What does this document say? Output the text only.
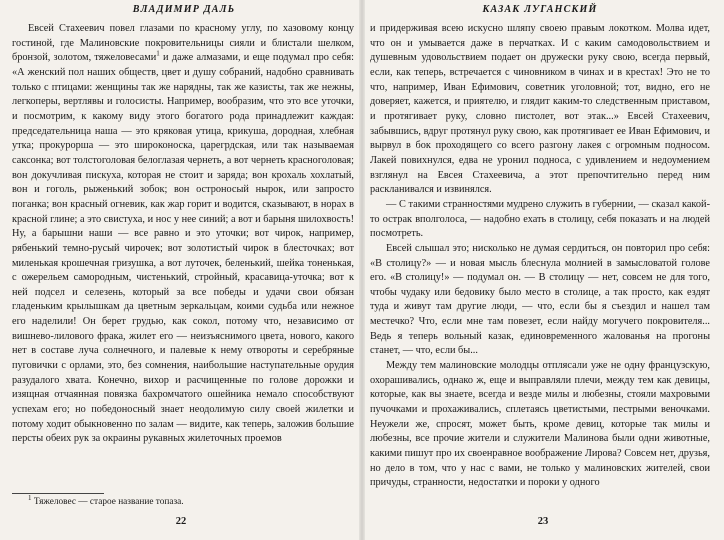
ВЛАДИМИР ДАЛЬ

Евсей Стахеевич повел глазами по красному углу, по хазовому концу гостиной, где Малиновские покровительницы сияли и блистали шелком, бронзой, золотом, тяжеловесами$^1$ и даже алмазами, и еще подумал про себя: «А женский пол наших обществ, цвет и душу собраний, надобно сравнивать только с птицами: женщины так же нарядны, так же казисты, так же нежны, легкоперы, вертлявы и голосисты. Например, вообразим, что это все уточки, и посмотрим, к какому виду этого богатого рода принадлежит каждая: председательница наша — это кряковая утица, крикуша, дородная, хлебная утка; прокурорша — это широконоска, царегрдская, или так называемая саксонка; вот толстоголовая белоглазая чернеть, а вот чернеть красноголовая; вон докучливая пискуха, которая не стоит и заряда; вон крохаль хохлатый, вон и гоголь, рыженький зобок; вон остроносый нырок, или запросто поганка; вон красный огневик, как жар горит и водится, сказывают, в норах в красной глине; а это свистуха, и нос у нее синий; а вот и барыня шилохвость! Ну, а барышни наши — все равно и это уточки; вот чирок, например, рябенький темно-русый чирочек; вот золотистый чирок в блесточках; вот миленькая крошечная гризушка, а вот луточек, беленький, шейка тоненькая, с ожерельем самородным, чистенький, стройный, красавица-уточка; вот к ней подсел и селезень, который за все победы и удачи свои обязан гладеньким крылышкам да цветным зеркальцам, коими судьба или нежное его наделили! Он берет грудью, как сокол, потому что, независимо от вишнево-лилового фрака, жилет его — неизъяснимого цвета, нового, какого нет в составе луча солнечного, и палевые к нему отвороты и серебряные пуговички с орлами, это, без сомнения, наибольшие наступательные орудия разудалого хвата. Конечно, вихор и расчищенные по голове дорожки и изящная отчаянная повязка бахромчатого ошейника немало способствуют успехам его; но победоносный знает неодолимую силу своей жилетки и потому ходит обыкновенно по залам — видите, как теперь, заложив большие персты обеих рук за окраины рукавных жилеточных проемов

$^1$ Тяжеловес — старое название топаза.
22
КАЗАК ЛУГАНСКИЙ

и придерживая всею искусно шляпу своею правым локотком. Молва идет, что он и умывается даже в перчатках. И с каким самодовольствием и душевным удовольствием подает он дружески руку свою, всегда первый, если, как теперь, встречается с чиновником в чинах и в крестах! Это не то что, например, Иван Ефимович, советник уголовной; тот, видно, его не доверяет, кажется, и приятелю, и глядит каким-то следственным приставом, и протягивает руку, словно пистолет, вот этак...» Евсей Стахеевич, забывшись, вдруг протянул руку свою, как протягивает ее Иван Ефимович, и вырвул в бок проходящего со всего разгону лакея с огромным подносом. Лакей повихнулся, едва не уронил подноса, с удивлением и недоумением взглянул на Евсея Стахеевича, а этот препочтительно перед ним раскланивался и извинялся.

— С такими странностями мудрено служить в губернии, — сказал какой-то острак вполголоса, — надобно ехать в столицу, себя показать и на людей посмотреть.

Евсей слышал это; нисколько не думая сердиться, он повторил про себя: «В столицу?» — и новая мысль блеснула молнией в замысловатой голове его. «В столицу!» — подумал он. — В столицу — нет, совсем не для того, чтобы чудаку или бедовику было место в столице, а так просто, как ездят туда и живут там другие люди, — что, если бы я съездил и нашел там местечко? Что, если мне там повезет, если найду могучего покровителя... Ведь я теперь вольный казак, единовременного жалованья на прогоны станет, — что, если бы...

Между тем малиновские молодцы отплясали уже не одну французскую, охорашивались, однако ж, еще и выправляли плечи, между тем как девицы, которые, как вы знаете, всегда и везде милы и любезны, стояли махровыми пучочками и прохаживались, сплетаясь цветистыми, пестрыми веночками. Неужели же, спросят, может быть, кроме девиц, которые так милы и любезны, все прочие жители и служители Малинова были одни животные, какими пишут про их своенравное воображение Лирова? Совсем нет, друзья, но дело в том, что у нас с вами, не только у малиновских жителей, свои причуды, странности, недостатки и пороки у одного

23
